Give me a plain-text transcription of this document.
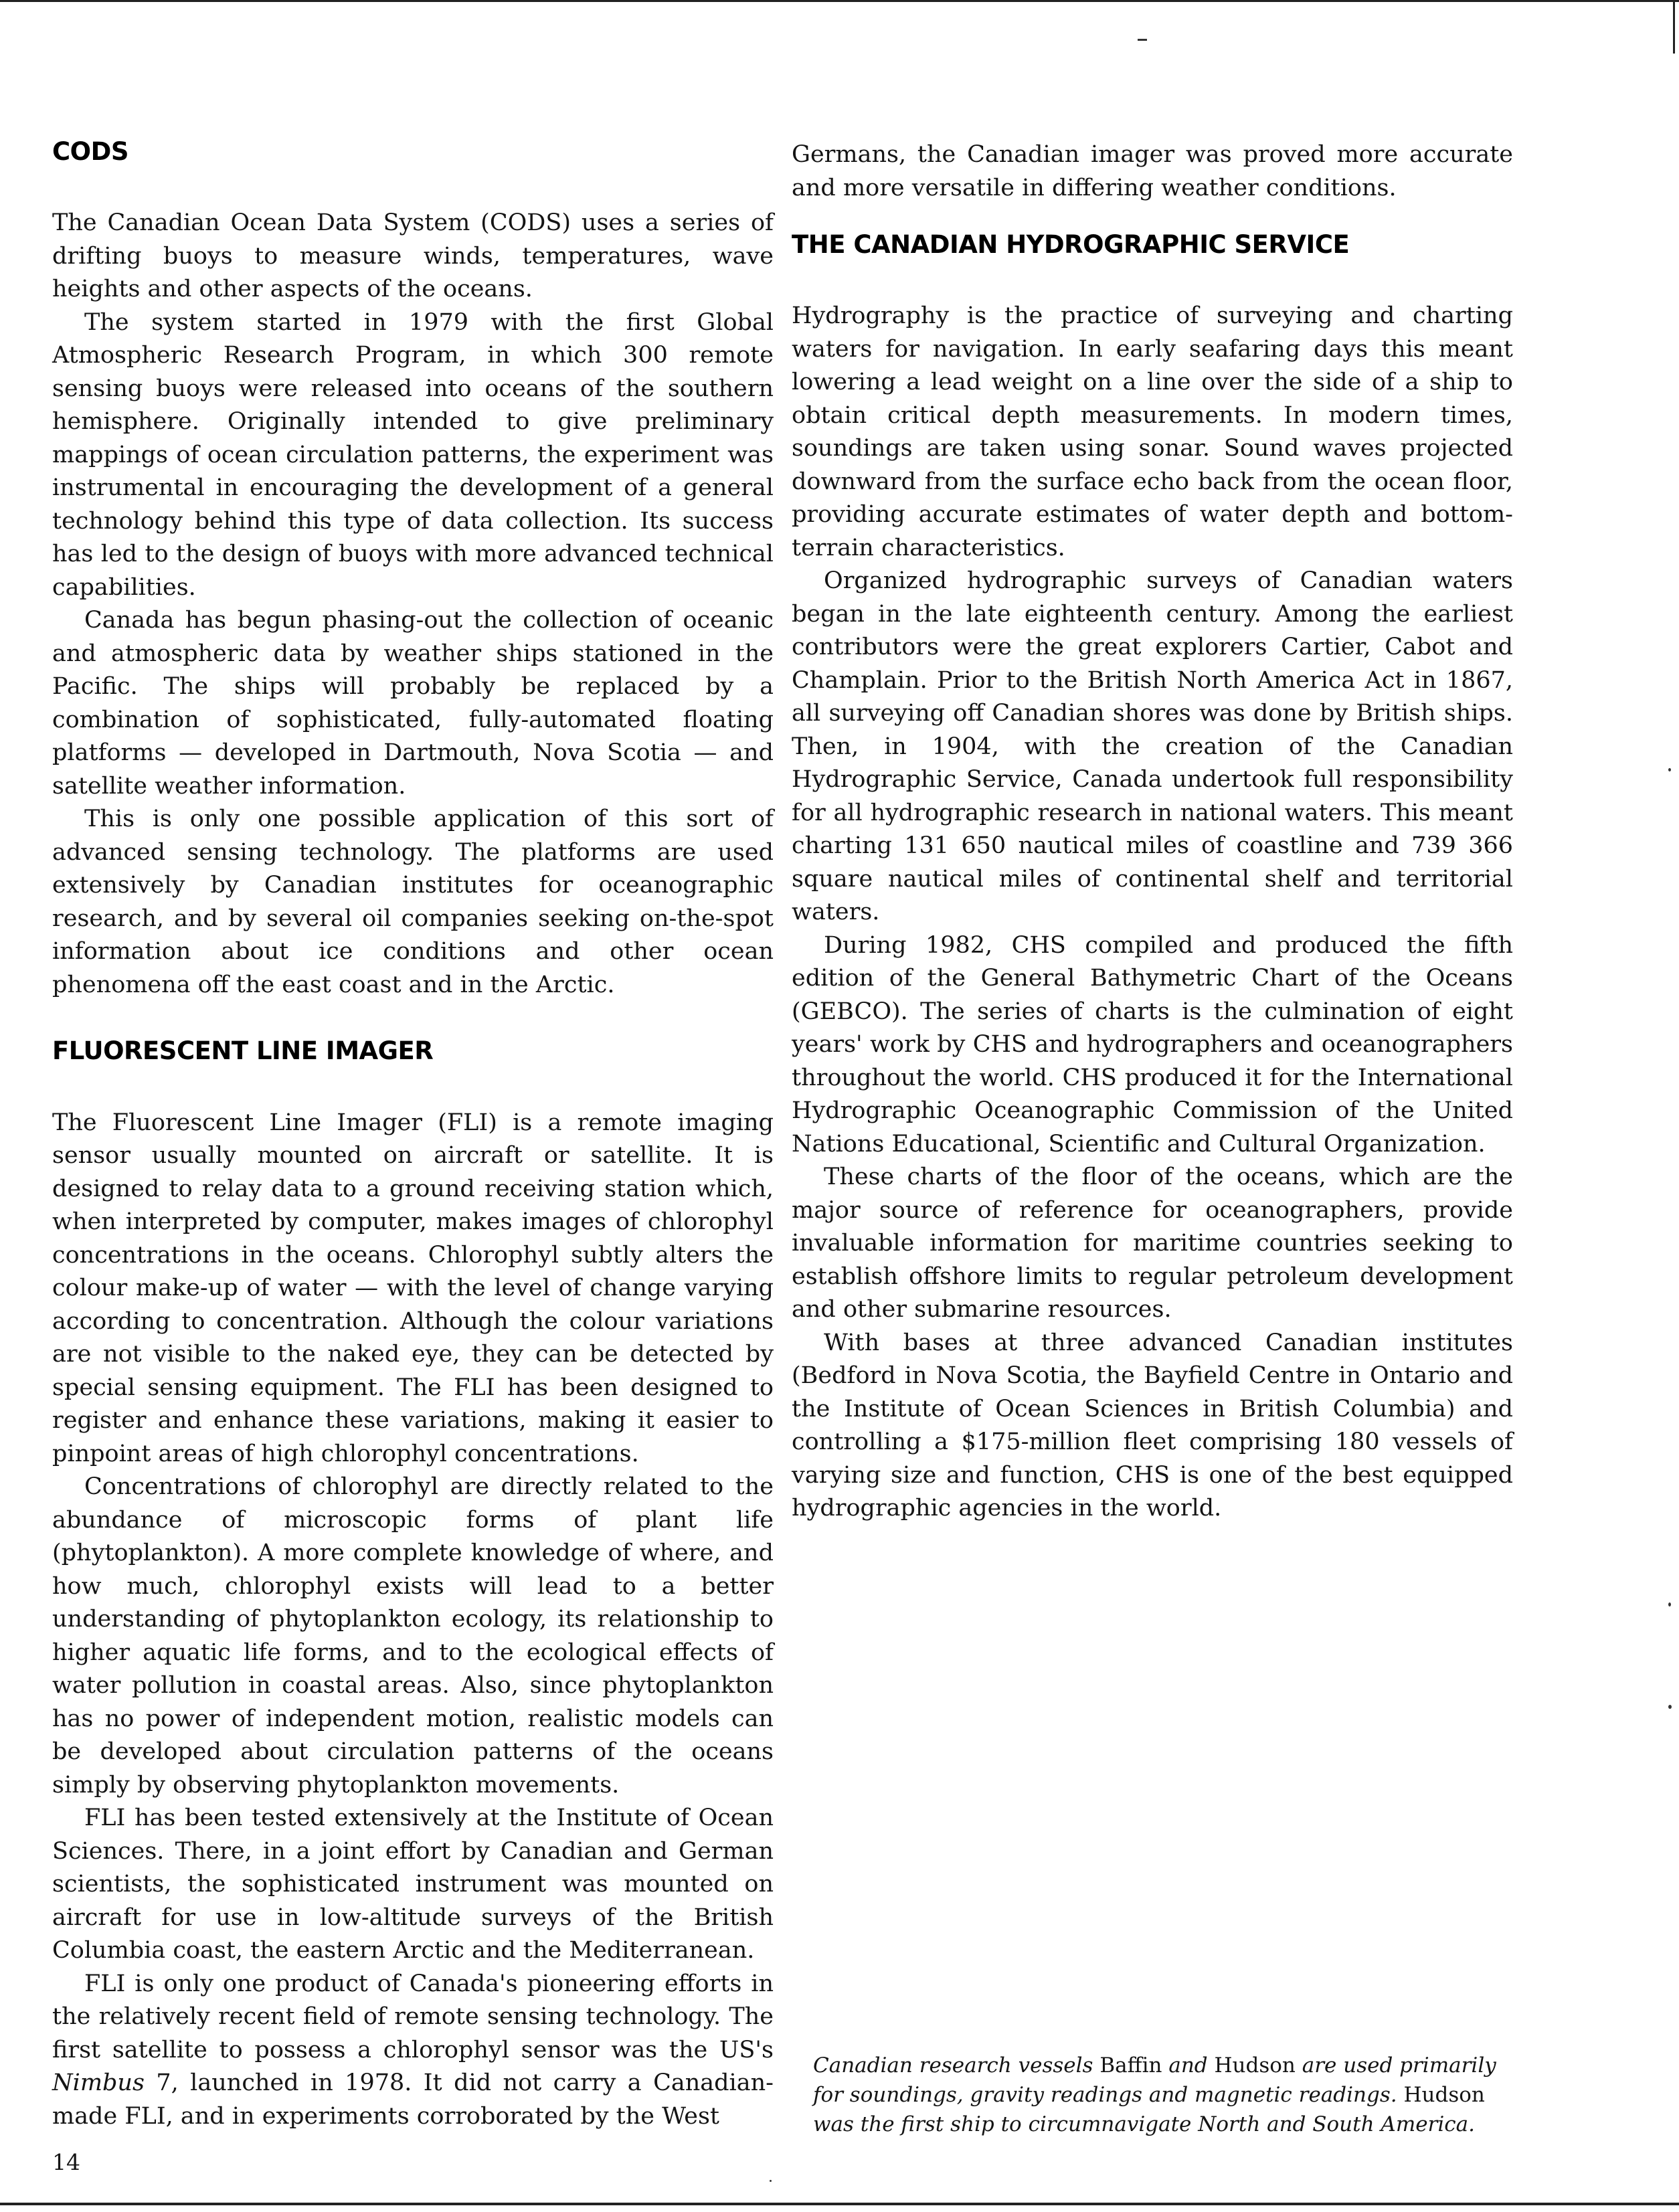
CODS

The Canadian Ocean Data System (CODS) uses a series of drifting buoys to measure winds, temperatures, wave heights and other aspects of the oceans.

The system started in 1979 with the first Global Atmospheric Research Program, in which 300 remote sensing buoys were released into oceans of the southern hemisphere. Originally intended to give preliminary mappings of ocean circulation patterns, the experiment was instrumental in encouraging the development of a general technology behind this type of data collection. Its success has led to the design of buoys with more advanced technical capabilities.

Canada has begun phasing-out the collection of oceanic and atmospheric data by weather ships stationed in the Pacific. The ships will probably be replaced by a combination of sophisticated, fully-automated floating platforms — developed in Dartmouth, Nova Scotia — and satellite weather information.

This is only one possible application of this sort of advanced sensing technology. The platforms are used extensively by Canadian institutes for oceanographic research, and by several oil companies seeking on-the-spot information about ice conditions and other ocean phenomena off the east coast and in the Arctic.

FLUORESCENT LINE IMAGER

The Fluorescent Line Imager (FLI) is a remote imaging sensor usually mounted on aircraft or satellite. It is designed to relay data to a ground receiving station which, when interpreted by computer, makes images of chlorophyl concentrations in the oceans. Chlorophyl subtly alters the colour make-up of water — with the level of change varying according to concentration. Although the colour variations are not visible to the naked eye, they can be detected by special sensing equipment. The FLI has been designed to register and enhance these variations, making it easier to pinpoint areas of high chlorophyl concentrations.

Concentrations of chlorophyl are directly related to the abundance of microscopic forms of plant life (phytoplankton). A more complete knowledge of where, and how much, chlorophyl exists will lead to a better understanding of phytoplankton ecology, its relationship to higher aquatic life forms, and to the ecological effects of water pollution in coastal areas. Also, since phytoplankton has no power of independent motion, realistic models can be developed about circulation patterns of the oceans simply by observing phytoplankton movements.

FLI has been tested extensively at the Institute of Ocean Sciences. There, in a joint effort by Canadian and German scientists, the sophisticated instrument was mounted on aircraft for use in low-altitude surveys of the British Columbia coast, the eastern Arctic and the Mediterranean.

FLI is only one product of Canada's pioneering efforts in the relatively recent field of remote sensing technology. The first satellite to possess a chlorophyl sensor was the US's Nimbus 7, launched in 1978. It did not carry a Canadian-made FLI, and in experiments corroborated by the West

Germans, the Canadian imager was proved more accurate and more versatile in differing weather conditions.

THE CANADIAN HYDROGRAPHIC SERVICE

Hydrography is the practice of surveying and charting waters for navigation. In early seafaring days this meant lowering a lead weight on a line over the side of a ship to obtain critical depth measurements. In modern times, soundings are taken using sonar. Sound waves projected downward from the surface echo back from the ocean floor, providing accurate estimates of water depth and bottom-terrain characteristics.

Organized hydrographic surveys of Canadian waters began in the late eighteenth century. Among the earliest contributors were the great explorers Cartier, Cabot and Champlain. Prior to the British North America Act in 1867, all surveying off Canadian shores was done by British ships. Then, in 1904, with the creation of the Canadian Hydrographic Service, Canada undertook full responsibility for all hydrographic research in national waters. This meant charting 131 650 nautical miles of coastline and 739 366 square nautical miles of continental shelf and territorial waters.

During 1982, CHS compiled and produced the fifth edition of the General Bathymetric Chart of the Oceans (GEBCO). The series of charts is the culmination of eight years' work by CHS and hydrographers and oceanographers throughout the world. CHS produced it for the International Hydrographic Oceanographic Commission of the United Nations Educational, Scientific and Cultural Organization.

These charts of the floor of the oceans, which are the major source of reference for oceanographers, provide invaluable information for maritime countries seeking to establish offshore limits to regular petroleum development and other submarine resources.

With bases at three advanced Canadian institutes (Bedford in Nova Scotia, the Bayfield Centre in Ontario and the Institute of Ocean Sciences in British Columbia) and controlling a $175-million fleet comprising 180 vessels of varying size and function, CHS is one of the best equipped hydrographic agencies in the world.

Canadian research vessels Baffin and Hudson are used primarily for soundings, gravity readings and magnetic readings. Hudson was the first ship to circumnavigate North and South America.
14
